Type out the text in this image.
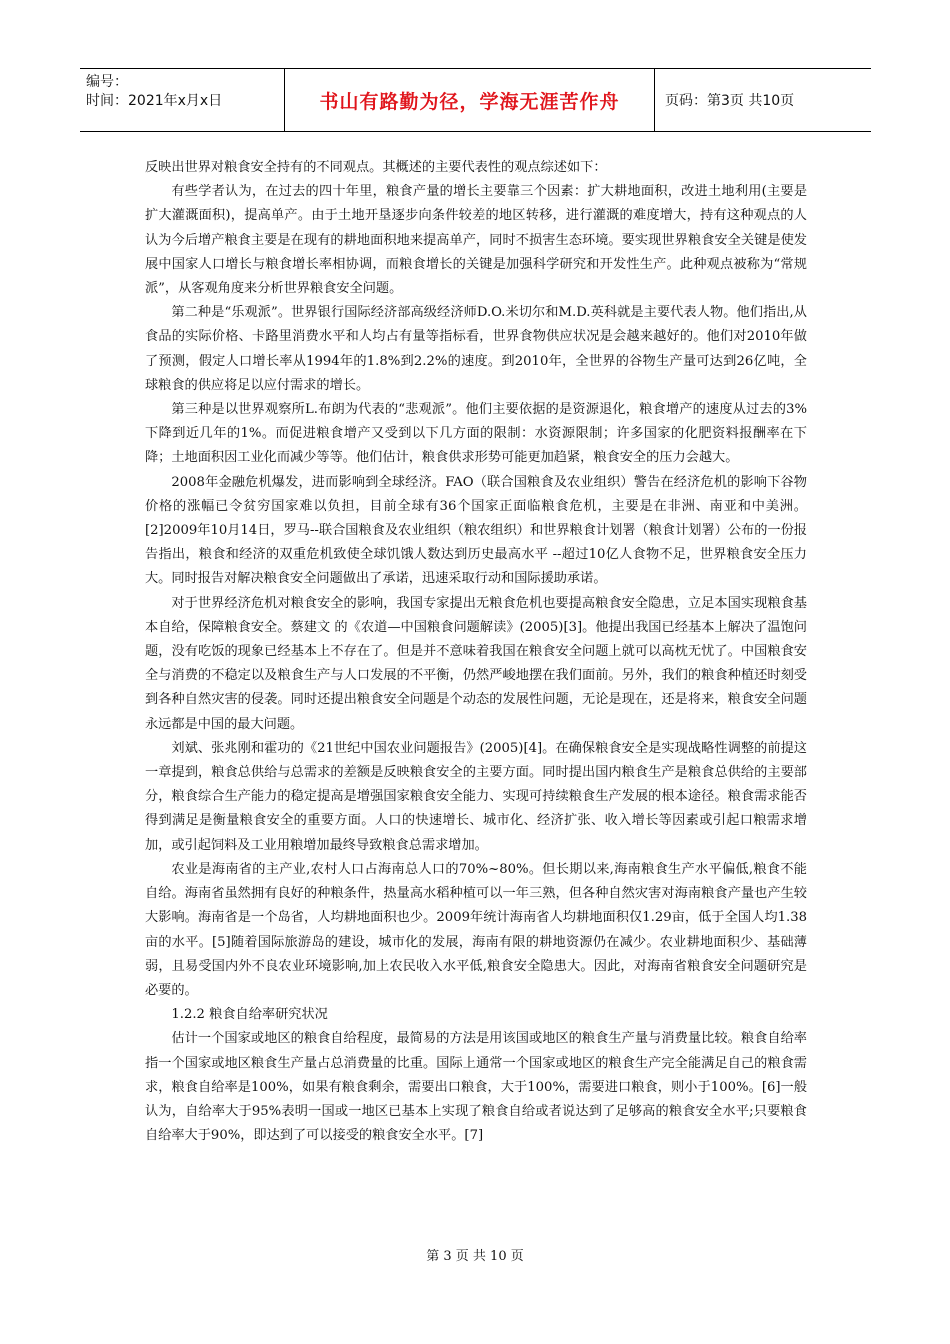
编号：
时间：2021年x月x日	书山有路勤为径，学海无涯苦作舟	页码：第3页 共10页

反映出世界对粮食安全持有的不同观点。其概述的主要代表性的观点综述如下：

有些学者认为，在过去的四十年里，粮食产量的增长主要靠三个因素：扩大耕地面积，改进土地利用(主要是扩大灌溉面积)，提高单产。由于土地开垦逐步向条件较差的地区转移，进行灌溉的难度增大，持有这种观点的人认为今后增产粮食主要是在现有的耕地面积地来提高单产，同时不损害生态环境。要实现世界粮食安全关键是使发展中国家人口增长与粮食增长率相协调，而粮食增长的关键是加强科学研究和开发性生产。此种观点被称为“常规派”，从客观角度来分析世界粮食安全问题。

第二种是“乐观派”。世界银行国际经济部高级经济师D.O.米切尔和M.D.英科就是主要代表人物。他们指出,从食品的实际价格、卡路里消费水平和人均占有量等指标看，世界食物供应状况是会越来越好的。他们对2010年做了预测，假定人口增长率从1994年的1.8%到2.2%的速度。到2010年，全世界的谷物生产量可达到26亿吨，全球粮食的供应将足以应付需求的增长。

第三种是以世界观察所L.布朗为代表的“悲观派”。他们主要依据的是资源退化，粮食增产的速度从过去的3%下降到近几年的1%。而促进粮食增产又受到以下几方面的限制：水资源限制；许多国家的化肥资料报酬率在下降；土地面积因工业化而减少等等。他们估计，粮食供求形势可能更加趋紧，粮食安全的压力会越大。

2008年金融危机爆发，进而影响到全球经济。FAO（联合国粮食及农业组织）警告在经济危机的影响下谷物价格的涨幅已令贫穷国家难以负担，目前全球有36个国家正面临粮食危机，主要是在非洲、南亚和中美洲。[2]2009年10月14日，罗马--联合国粮食及农业组织（粮农组织）和世界粮食计划署（粮食计划署）公布的一份报告指出，粮食和经济的双重危机致使全球饥饿人数达到历史最高水平 --超过10亿人食物不足，世界粮食安全压力大。同时报告对解决粮食安全问题做出了承诺，迅速采取行动和国际援助承诺。

对于世界经济危机对粮食安全的影响，我国专家提出无粮食危机也要提高粮食安全隐患，立足本国实现粮食基本自给，保障粮食安全。蔡建文 的《农道—中国粮食问题解读》(2005)[3]。他提出我国已经基本上解决了温饱问题，没有吃饭的现象已经基本上不存在了。但是并不意味着我国在粮食安全问题上就可以高枕无忧了。中国粮食安全与消费的不稳定以及粮食生产与人口发展的不平衡，仍然严峻地摆在我们面前。另外，我们的粮食种植还时刻受到各种自然灾害的侵袭。同时还提出粮食安全问题是个动态的发展性问题，无论是现在，还是将来，粮食安全问题永远都是中国的最大问题。

刘斌、张兆刚和霍功的《21世纪中国农业问题报告》(2005)[4]。在确保粮食安全是实现战略性调整的前提这一章提到，粮食总供给与总需求的差额是反映粮食安全的主要方面。同时提出国内粮食生产是粮食总供给的主要部分，粮食综合生产能力的稳定提高是增强国家粮食安全能力、实现可持续粮食生产发展的根本途径。粮食需求能否得到满足是衡量粮食安全的重要方面。人口的快速增长、城市化、经济扩张、收入增长等因素或引起口粮需求增加，或引起饲料及工业用粮增加最终导致粮食总需求增加。

农业是海南省的主产业,农村人口占海南总人口的70%~80%。但长期以来,海南粮食生产水平偏低,粮食不能自给。海南省虽然拥有良好的种粮条件，热量高水稻种植可以一年三熟，但各种自然灾害对海南粮食产量也产生较大影响。海南省是一个岛省，人均耕地面积也少。2009年统计海南省人均耕地面积仅1.29亩，低于全国人均1.38亩的水平。[5]随着国际旅游岛的建设，城市化的发展，海南有限的耕地资源仍在减少。农业耕地面积少、基础薄弱，且易受国内外不良农业环境影响,加上农民收入水平低,粮食安全隐患大。因此，对海南省粮食安全问题研究是必要的。

1.2.2 粮食自给率研究状况

估计一个国家或地区的粮食自给程度，最简易的方法是用该国或地区的粮食生产量与消费量比较。粮食自给率指一个国家或地区粮食生产量占总消费量的比重。国际上通常一个国家或地区的粮食生产完全能满足自己的粮食需求，粮食自给率是100%，如果有粮食剩余，需要出口粮食，大于100%，需要进口粮食，则小于100%。[6]一般认为，自给率大于95%表明一国或一地区已基本上实现了粮食自给或者说达到了足够高的粮食安全水平;只要粮食自给率大于90%，即达到了可以接受的粮食安全水平。[7]

第 3 页 共 10 页
